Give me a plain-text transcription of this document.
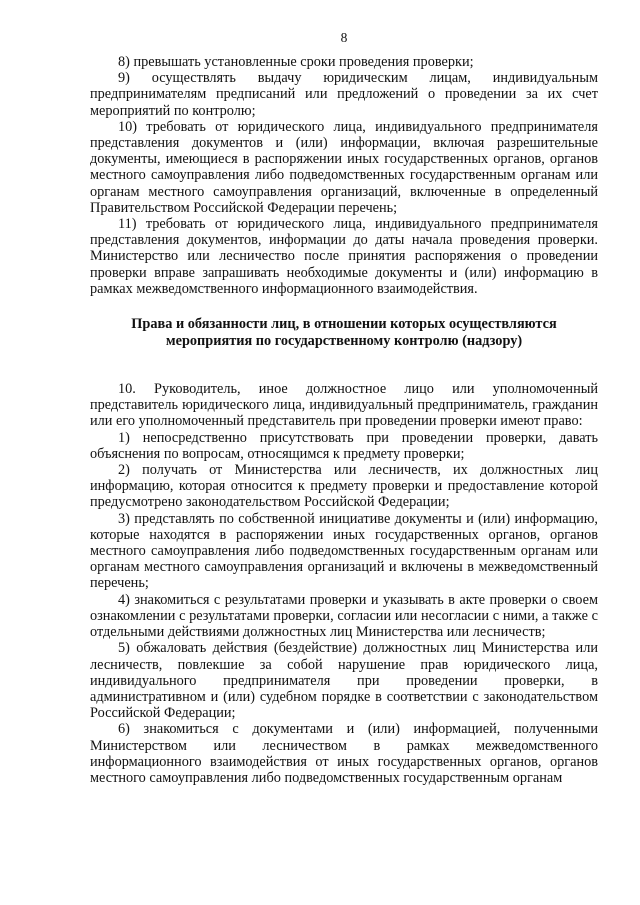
8

8) превышать установленные сроки проведения проверки;

9) осуществлять выдачу юридическим лицам, индивидуальным предпринимателям предписаний или предложений о проведении за их счет мероприятий по контролю;

10) требовать от юридического лица, индивидуального предпринимателя представления документов и (или) информации, включая разрешительные документы, имеющиеся в распоряжении иных государственных органов, органов местного самоуправления либо подведомственных государственным органам или органам местного самоуправления организаций, включенные в определенный Правительством Российской Федерации перечень;

11) требовать от юридического лица, индивидуального предпринимателя представления документов, информации до даты начала проведения проверки. Министерство или лесничество после принятия распоряжения о проведении проверки вправе запрашивать необходимые документы и (или) информацию в рамках межведомственного информационного взаимодействия.

Права и обязанности лиц, в отношении которых осуществляются
мероприятия по государственному контролю (надзору)

10. Руководитель, иное должностное лицо или уполномоченный представитель юридического лица, индивидуальный предприниматель, гражданин или его уполномоченный представитель при проведении проверки имеют право:

1) непосредственно присутствовать при проведении проверки, давать объяснения по вопросам, относящимся к предмету проверки;

2) получать от Министерства или лесничеств, их должностных лиц информацию, которая относится к предмету проверки и предоставление которой предусмотрено законодательством Российской Федерации;

3) представлять по собственной инициативе документы и (или) информацию, которые находятся в распоряжении иных государственных органов, органов местного самоуправления либо подведомственных государственным органам или органам местного самоуправления организаций и включены в межведомственный перечень;

4) знакомиться с результатами проверки и указывать в акте проверки о своем ознакомлении с результатами проверки, согласии или несогласии с ними, а также с отдельными действиями должностных лиц Министерства или лесничеств;

5) обжаловать действия (бездействие) должностных лиц Министерства или лесничеств, повлекшие за собой нарушение прав юридического лица, индивидуального предпринимателя при проведении проверки, в административном и (или) судебном порядке в соответствии с законодательством Российской Федерации;

6) знакомиться с документами и (или) информацией, полученными Министерством или лесничеством в рамках межведомственного информационного взаимодействия от иных государственных органов, органов местного самоуправления либо подведомственных государственным органам
